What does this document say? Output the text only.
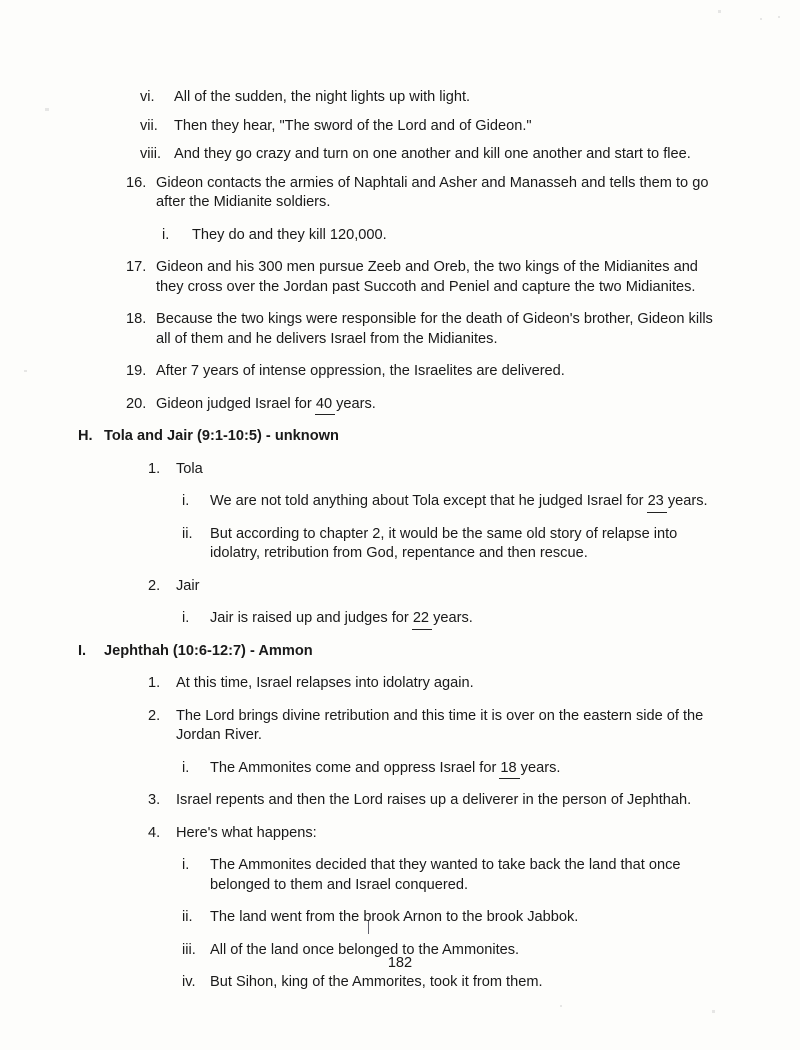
vi.	All of the sudden, the night lights up with light.
vii.	Then they hear, "The sword of the Lord and of Gideon."
viii. And they go crazy and turn on one another and kill one another and start to flee.
16. Gideon contacts the armies of Naphtali and Asher and Manasseh and tells them to go after the Midianite soldiers.
i.	They do and they kill 120,000.
17. Gideon and his 300 men pursue Zeeb and Oreb, the two kings of the Midianites and they cross over the Jordan past Succoth and Peniel and capture the two Midianites.
18. Because the two kings were responsible for the death of Gideon's brother, Gideon kills all of them and he delivers Israel from the Midianites.
19. After 7 years of intense oppression, the Israelites are delivered.
20. Gideon judged Israel for 40 years.
H. Tola and Jair (9:1-10:5) - unknown
1.	Tola
i.	We are not told anything about Tola except that he judged Israel for 23 years.
ii.	But according to chapter 2, it would be the same old story of relapse into idolatry, retribution from God, repentance and then rescue.
2.	Jair
i.	Jair is raised up and judges for 22 years.
I.	Jephthah (10:6-12:7) - Ammon
1.	At this time, Israel relapses into idolatry again.
2.	The Lord brings divine retribution and this time it is over on the eastern side of the Jordan River.
i.	The Ammonites come and oppress Israel for 18 years.
3.	Israel repents and then the Lord raises up a deliverer in the person of Jephthah.
4.	Here's what happens:
i.	The Ammonites decided that they wanted to take back the land that once belonged to them and Israel conquered.
ii.	The land went from the brook Arnon to the brook Jabbok.
iii. All of the land once belonged to the Ammonites.
iv. But Sihon, king of the Ammorites, took it from them.
182
